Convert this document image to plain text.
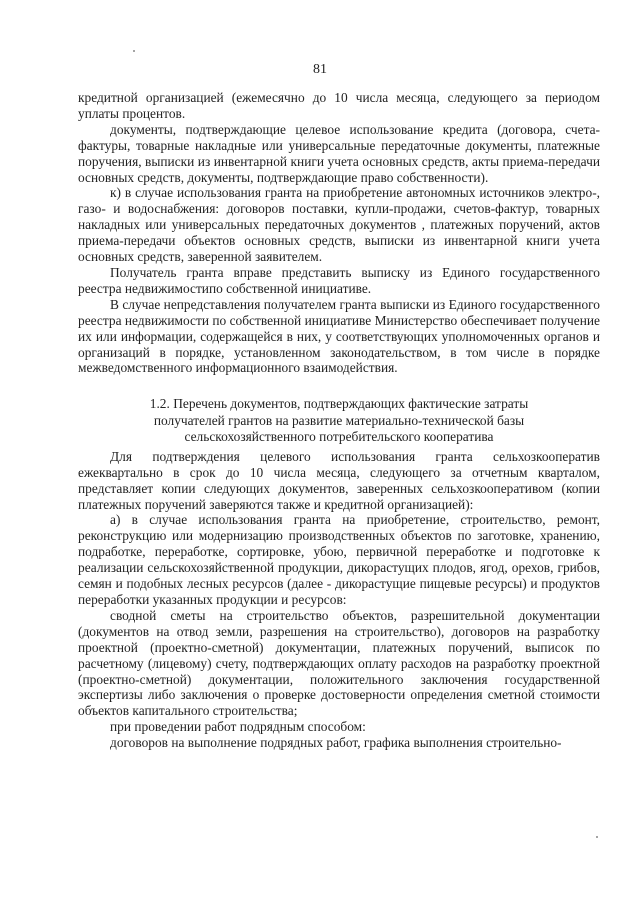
81

кредитной организацией (ежемесячно до 10 числа месяца, следующего за периодом уплаты процентов.

документы, подтверждающие целевое использование кредита (договора, счета-фактуры, товарные накладные или универсальные передаточные документы, платежные поручения, выписки из инвентарной книги учета основных средств, акты приема-передачи основных средств, документы, подтверждающие право собственности).

к) в случае использования гранта на приобретение автономных источников электро-, газо- и водоснабжения: договоров поставки, купли-продажи, счетов-фактур, товарных накладных или универсальных передаточных документов , платежных поручений, актов приема-передачи объектов основных средств, выписки из инвентарной книги учета основных средств, заверенной заявителем.

Получатель гранта вправе представить выписку из Единого государственного реестра недвижимостипо собственной инициативе.

В случае непредставления получателем гранта выписки из Единого государственного реестра недвижимости по собственной инициативе Министерство обеспечивает получение их или информации, содержащейся в них, у соответствующих уполномоченных органов и организаций в порядке, установленном законодательством, в том числе в порядке межведомственного информационного взаимодействия.

1.2. Перечень документов, подтверждающих фактические затраты
получателей грантов на развитие материально-технической базы
сельскохозяйственного потребительского кооператива

Для подтверждения целевого использования гранта сельхозкооператив ежеквартально в срок до 10 числа месяца, следующего за отчетным кварталом, представляет копии следующих документов, заверенных сельхозкооперативом (копии платежных поручений заверяются также и кредитной организацией):

а) в случае использования гранта на приобретение, строительство, ремонт, реконструкцию или модернизацию производственных объектов по заготовке, хранению, подработке, переработке, сортировке, убою, первичной переработке и подготовке к реализации сельскохозяйственной продукции, дикорастущих плодов, ягод, орехов, грибов, семян и подобных лесных ресурсов (далее - дикорастущие пищевые ресурсы) и продуктов переработки указанных продукции и ресурсов:

сводной сметы на строительство объектов, разрешительной документации (документов на отвод земли, разрешения на строительство), договоров на разработку проектной (проектно-сметной) документации, платежных поручений, выписок по расчетному (лицевому) счету, подтверждающих оплату расходов на разработку проектной (проектно-сметной) документации, положительного заключения государственной экспертизы либо заключения о проверке достоверности определения сметной стоимости объектов капитального строительства;

при проведении работ подрядным способом:

договоров на выполнение подрядных работ, графика выполнения строительно-
